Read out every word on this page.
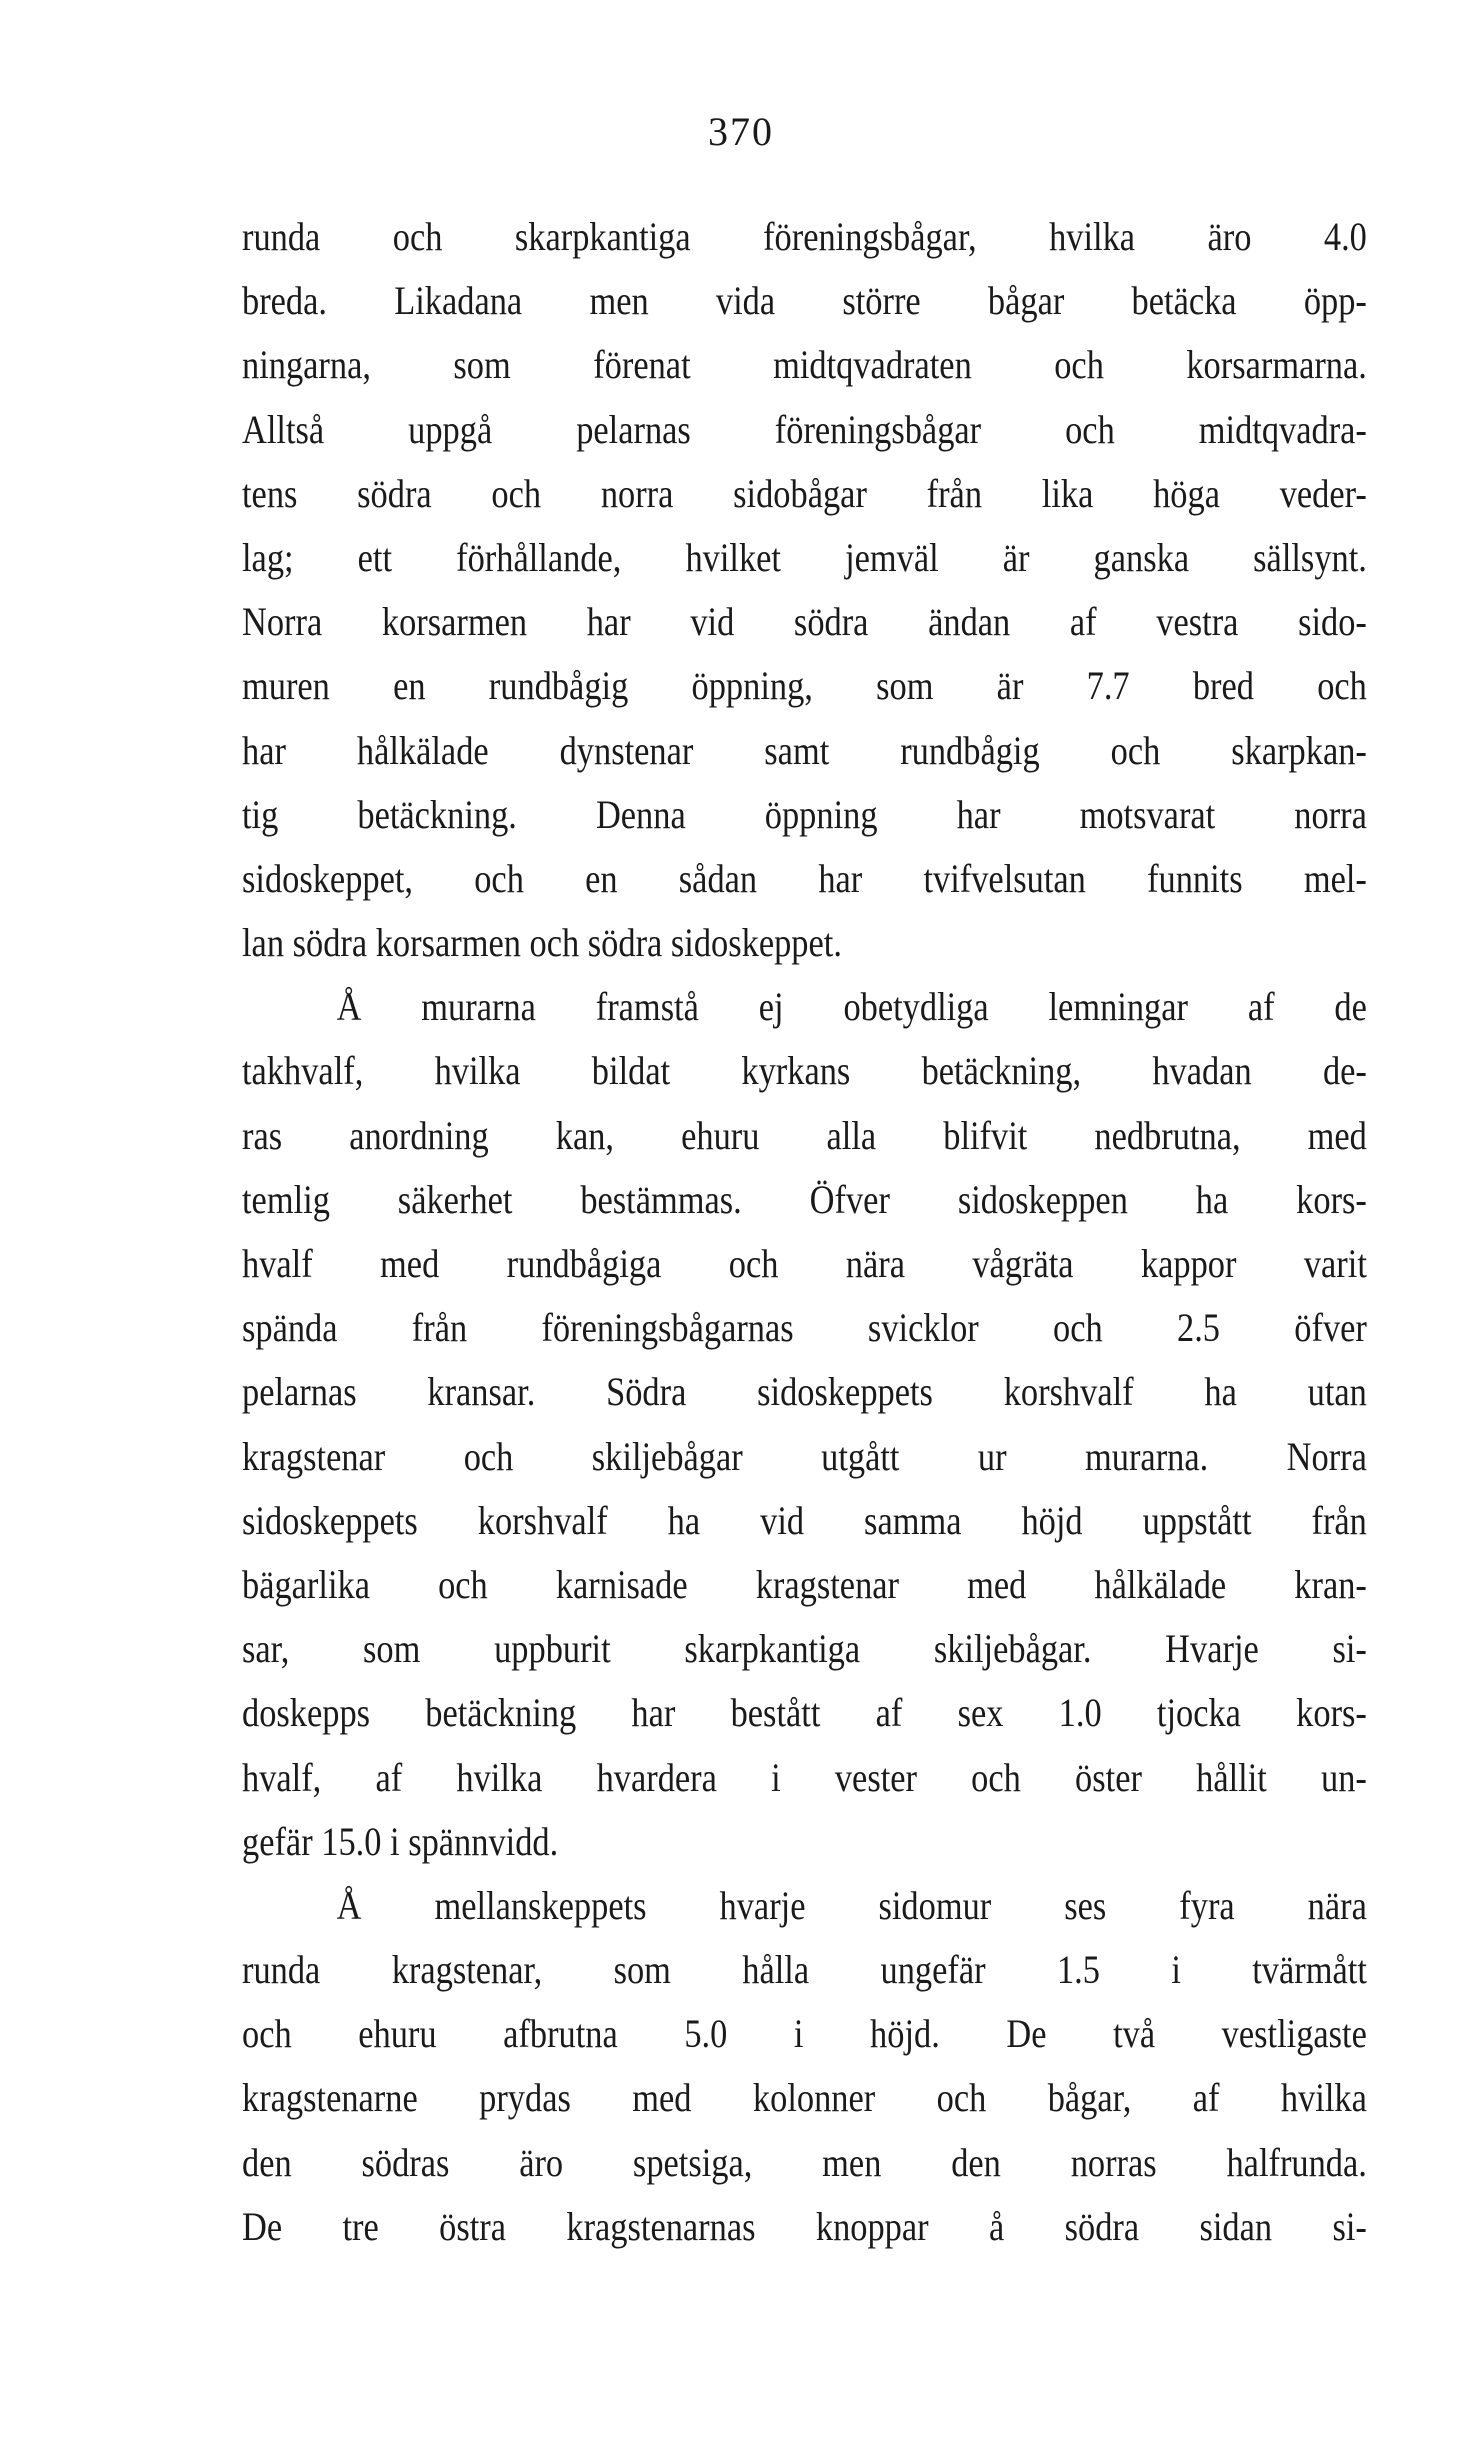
370
runda och skarpkantiga föreningsbågar, hvilka äro 4.0
breda. Likadana men vida större bågar betäcka öpp-
ningarna, som förenat midtqvadraten och korsarmarna.
Alltså uppgå pelarnas föreningsbågar och midtqvadra-
tens södra och norra sidobågar från lika höga veder-
lag; ett förhållande, hvilket jemväl är ganska sällsynt.
Norra korsarmen har vid södra ändan af vestra sido-
muren en rundbågig öppning, som är 7.7 bred och
har hålkälade dynstenar samt rundbågig och skarpkan-
tig betäckning. Denna öppning har motsvarat norra
sidoskeppet, och en sådan har tvifvelsutan funnits mel-
lan södra korsarmen och södra sidoskeppet.
Å murarna framstå ej obetydliga lemningar af de
takhvalf, hvilka bildat kyrkans betäckning, hvadan de-
ras anordning kan, ehuru alla blifvit nedbrutna, med
temlig säkerhet bestämmas. Öfver sidoskeppen ha kors-
hvalf med rundbågiga och nära vågräta kappor varit
spända från föreningsbågarnas svicklor och 2.5 öfver
pelarnas kransar. Södra sidoskeppets korshvalf ha utan
kragstenar och skiljebågar utgått ur murarna. Norra
sidoskeppets korshvalf ha vid samma höjd uppstått från
bägarlika och karnisade kragstenar med hålkälade kran-
sar, som uppburit skarpkantiga skiljebågar. Hvarje si-
doskepps betäckning har bestått af sex 1.0 tjocka kors-
hvalf, af hvilka hvardera i vester och öster hållit un-
gefär 15.0 i spännvidd.
Å mellanskeppets hvarje sidomur ses fyra nära
runda kragstenar, som hålla ungefär 1.5 i tvärmått
och ehuru afbrutna 5.0 i höjd. De två vestligaste
kragstenarne prydas med kolonner och bågar, af hvilka
den södras äro spetsiga, men den norras halfrunda.
De tre östra kragstenarnas knoppar å södra sidan si-
